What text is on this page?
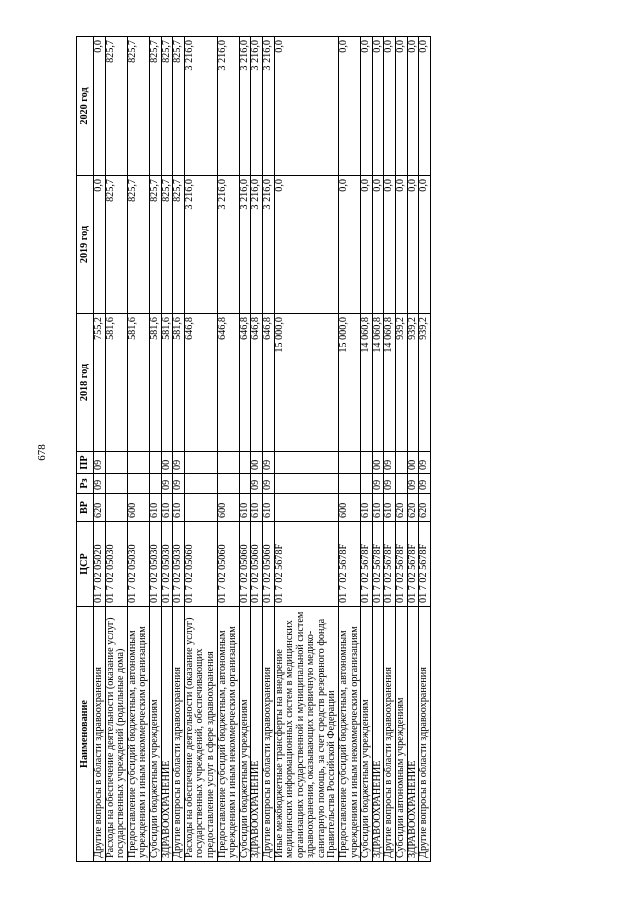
678
Наименование	ЦСР	ВР	Рз	ПР	2018 год	2019 год	2020 год
Другие вопросы в области здравоохранения	01 7 02 05020	620	09	09	755,2	0,0	0,0
Расходы на обеспечение деятельности (оказание услуг) государственных учреждений (родильные дома)	01 7 02 05030				581,6	825,7	825,7
Предоставление субсидий бюджетным, автономным учреждениям и иным некоммерческим организациям	01 7 02 05030	600			581,6	825,7	825,7
Субсидии бюджетным учреждениям	01 7 02 05030	610			581,6	825,7	825,7
ЗДРАВООХРАНЕНИЕ	01 7 02 05030	610	09	00	581,6	825,7	825,7
Другие вопросы в области здравоохранения	01 7 02 05030	610	09	09	581,6	825,7	825,7
Расходы на обеспечение деятельности (оказание услуг) государственных учреждений, обеспечивающих предоставление услуг в сфере здравоохранения	01 7 02 05060				646,8	3 216,0	3 216,0
Предоставление субсидий бюджетным, автономным учреждениям и иным некоммерческим организациям	01 7 02 05060	600			646,8	3 216,0	3 216,0
Субсидии бюджетным учреждениям	01 7 02 05060	610			646,8	3 216,0	3 216,0
ЗДРАВООХРАНЕНИЕ	01 7 02 05060	610	09	00	646,8	3 216,0	3 216,0
Другие вопросы в области здравоохранения	01 7 02 05060	610	09	09	646,8	3 216,0	3 216,0
Иные межбюджетные трансферты на внедрение медицинских информационных систем в медицинских организациях государственной и муниципальной систем здравоохранения, оказывающих первичную медико-санитарную помощь, за счет средств резервного фонда Правительства Российской Федерации	01 7 02 5678F				15 000,0	0,0	0,0
Предоставление субсидий бюджетным, автономным учреждениям и иным некоммерческим организациям	01 7 02 5678F	600			15 000,0	0,0	0,0
Субсидии бюджетным учреждениям	01 7 02 5678F	610			14 060,8	0,0	0,0
ЗДРАВООХРАНЕНИЕ	01 7 02 5678F	610	09	00	14 060,8	0,0	0,0
Другие вопросы в области здравоохранения	01 7 02 5678F	610	09	09	14 060,8	0,0	0,0
Субсидии автономным учреждениям	01 7 02 5678F	620			939,2	0,0	0,0
ЗДРАВООХРАНЕНИЕ	01 7 02 5678F	620	09	00	939,2	0,0	0,0
Другие вопросы в области здравоохранения	01 7 02 5678F	620	09	09	939,2	0,0	0,0
